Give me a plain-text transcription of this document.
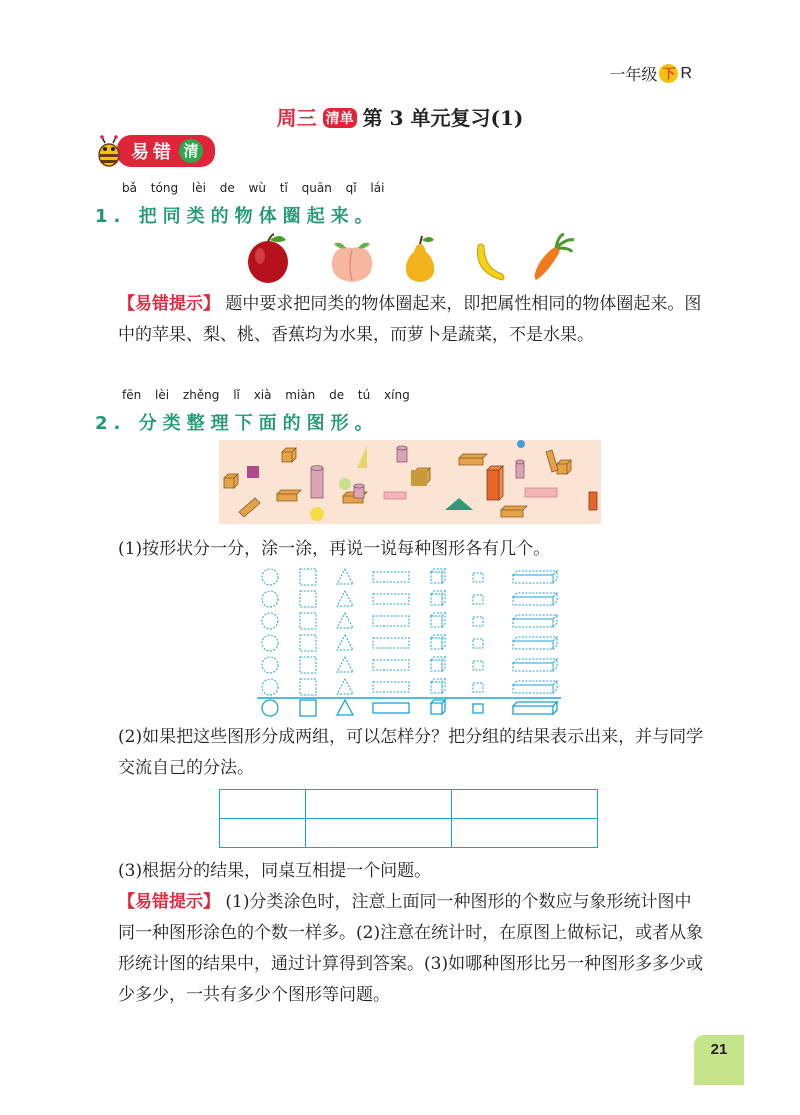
一年级 下 R
周三 清单 第 3 单元复习(1)
易错 清
bǎ tóng lèi de wù tǐ quān qǐ lái
1. 把同类的物体圈起来。
【易错提示】 题中要求把同类的物体圈起来，即把属性相同的物体圈起来。图中的苹果、梨、桃、香蕉均为水果，而萝卜是蔬菜，不是水果。
fēn lèi zhěng lǐ xià miàn de tú xíng
2. 分类整理下面的图形。
(1)按形状分一分，涂一涂，再说一说每种图形各有几个。
(2)如果把这些图形分成两组，可以怎样分？把分组的结果表示出来，并与同学交流自己的分法。

(3)根据分的结果，同桌互相提一个问题。
【易错提示】 (1)分类涂色时，注意上面同一种图形的个数应与象形统计图中同一种图形涂色的个数一样多。(2)注意在统计时，在原图上做标记，或者从象形统计图的结果中，通过计算得到答案。(3)如哪种图形比另一种图形多多少或少多少，一共有多少个图形等问题。
21
